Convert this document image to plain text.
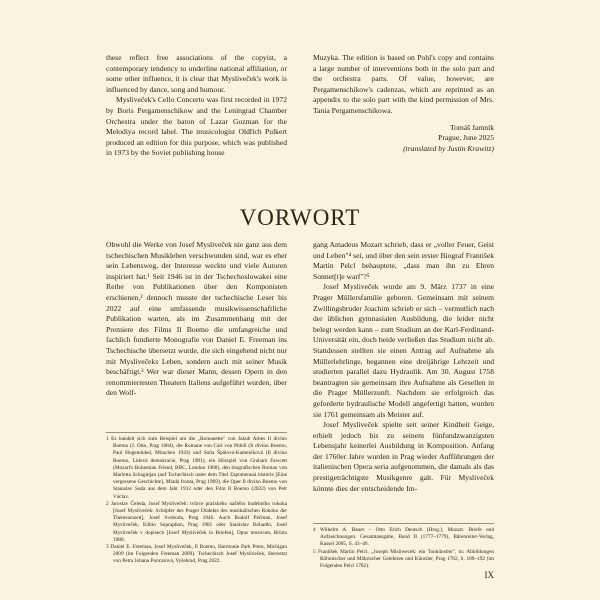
these reflect free associations of the copyist, a contemporary tendency to underline national affiliation, or some other influence, it is clear that Mysliveček's work is influenced by dance, song and humour.

Mysliveček's Cello Concerto was first recorded in 1972 by Boris Pergamenschikow and the Leningrad Chamber Orchestra under the baton of Lazar Gozman for the Melodiya record label. The musicologist Oldřich Pulkert produced an edition for this purpose, which was published in 1973 by the Soviet publishing house

Muzyka. The edition is based on Pohl's copy and contains a large number of interventions both in the solo part and the orchestra parts. Of value, however, are Pergamenschikow's cadenzas, which are reprinted as an appendix to the solo part with the kind permission of Mrs. Tania Pergamenschikowa.

Tomáš Jamník
Prague, June 2025
(translated by Justin Krawitz)
VORWORT

Obwohl die Werke von Josef Mysliveček nie ganz aus dem tschechischen Musikleben verschwunden sind, war es eher sein Lebensweg, der Interesse weckte und viele Autoren inspiriert hat.¹ Seit 1946 ist in der Tschechoslowakei eine Reihe von Publikationen über den Komponisten erschienen,² dennoch musste der tschechische Leser bis 2022 auf eine umfassende musikwissenschaftliche Publikation warten, als im Zusammenhang mit der Premiere des Films Il Boemo die umfangreiche und fachlich fundierte Monografie von Daniel E. Freeman ins Tschechische übersetzt wurde, die sich eingehend nicht nur mit Myslivečeks Leben, sondern auch mit seiner Musik beschäftigt.³ Wer war dieser Mann, dessen Opern in den renommiertesten Theatern Italiens aufgeführt wurden, über den Wolf-

gang Amadeus Mozart schrieb, dass er „voller Feuer, Geist und Leben"⁴ sei, und über den sein erster Biograf František Martin Pelcl behauptete, „dass man ihn zu Ehren Sonnet[t]e warf"?⁵

Josef Mysliveček wurde am 9. März 1737 in eine Prager Müllersfamilie geboren. Gemeinsam mit seinem Zwillingsbruder Joachim schrieb er sich – vermutlich nach der üblichen gymnasialen Ausbildung, die leider nicht belegt werden kann – zum Studium an der Karl-Ferdinand-Universität ein, doch beide verließen das Studium nicht ab. Stattdessen stellten sie einen Antrag auf Aufnahme als Müllerlehrlinge, begannen eine dreijährige Lehrzeit und studierten parallel dazu Hydraulik. Am 30. August 1758 beantragten sie gemeinsam ihre Aufnahme als Gesellen in die Prager Müllerzunft. Nachdem sie erfolgreich das geforderte hydraulische Modell angefertigt hatten, wurden sie 1761 gemeinsam als Meister auf.

Josef Mysliveček spielte seit seiner Kindheit Geige, erhielt jedoch bis zu seinem fünfundzwanzigsten Lebensjahr keinerlei Ausbildung in Komposition. Anfang der 1760er Jahre wurden in Prag wieder Aufführungen der italienischen Opera seria aufgenommen, die damals als das prestigeträchtigste Musikgenre galt. Für Mysliveček könnte dies der entscheidende Im-

1 Es handelt sich zum Beispiel um die „Romanette" von Jakub Arbes Il divino Boemo (J. Otto, Prag 1884), die Romane von Carl von Pidoll (Il divino Boemo, Paul Hogendubel, München 1943) und Soňa Špálová-Kameníková (Il divino Boemo, Lidová demokracie, Prag 1981), ein Hörspiel von Graham Fawcett (Mozart's Bohemian Friend, BBC, London 1988), den biografischen Roman von Marietta Schaginjan (auf Tschechisch unter dem Titel Zapomenutá historie [Eine vergessene Geschichte], Mladá fronta, Prag 1969), die Oper Il divino Boemo von Stanislav Suda aus dem Jahr 1912 oder den Film Il Boemo (2022) von Petr Václav.

2 Jaroslav Čeleda, Josef Mysliveček: tvůrce pražského našlého hudebního rokoka [Josef Mysliveček: Schöpfer des Prager Dialekts des musikalischen Rokoko der Theresienzeit], Josef Svoboda, Prag 1946. Auch Rudolf Pečman, Josef Mysliveček, Editio Supraphon, Prag 1981 oder Stanislav Bohadlo, Josef Mysliveček v dopisech [Josef Mysliveček in Briefen], Opus musicum, Brünn 1988.

3 Daniel E. Freeman, Josef Mysliveček, Il Boemo, Harmonie Park Press, Michigan 2009 (im Folgenden Freeman 2009). Tschechisch Josef Mysliveček, übersetzt von Petra Johana Poncarová, Vyšehrad, Prag 2022.

4 Wilhelm A. Bauer – Otto Erich Deutsch (Hrsg.), Mozart. Briefe und Aufzeichnungen. Gesamtausgabe, Band II (1777–1779), Bärenreiter-Verlag, Kassel 2005, S. 43–46.

5 František Martin Pelcl, „Joseph Misliwecek: ein Tonkünstler", in: Abbildungen Böhmischer und Mährischer Gelehrten und Künstler, Prag 1782, S. 189–192 (im Folgenden Pelcl 1782).

IX
